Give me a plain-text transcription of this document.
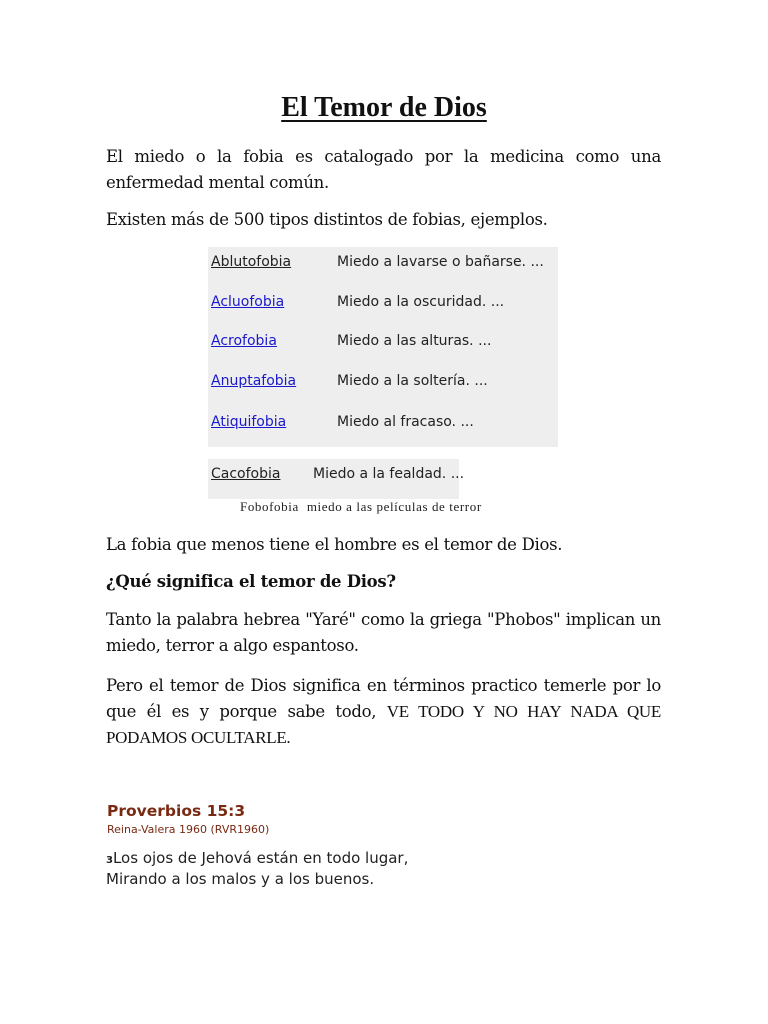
El Temor de Dios

El miedo o la fobia es catalogado por la medicina como una enfermedad mental común.

Existen más de 500 tipos distintos de fobias, ejemplos.

Ablutofobia	Miedo a lavarse o bañarse. ...
Acluofobia	Miedo a la oscuridad. ...
Acrofobia	Miedo a las alturas. ...
Anuptafobia	Miedo a la soltería. ...
Atiquifobia	Miedo al fracaso. ...
Cacofobia Miedo a la fealdad. ...
Fobofobia miedo a las películas de terror

La fobia que menos tiene el hombre es el temor de Dios.

¿Qué significa el temor de Dios?

Tanto la palabra hebrea "Yaré" como la griega "Phobos" implican un miedo, terror a algo espantoso.

Pero el temor de Dios significa en términos practico temerle por lo que él es y porque sabe todo, VE TODO Y NO HAY NADA QUE PODAMOS OCULTARLE.

Proverbios 15:3
Reina-Valera 1960 (RVR1960)
$^3$Los ojos de Jehová están en todo lugar,
Mirando a los malos y a los buenos.
